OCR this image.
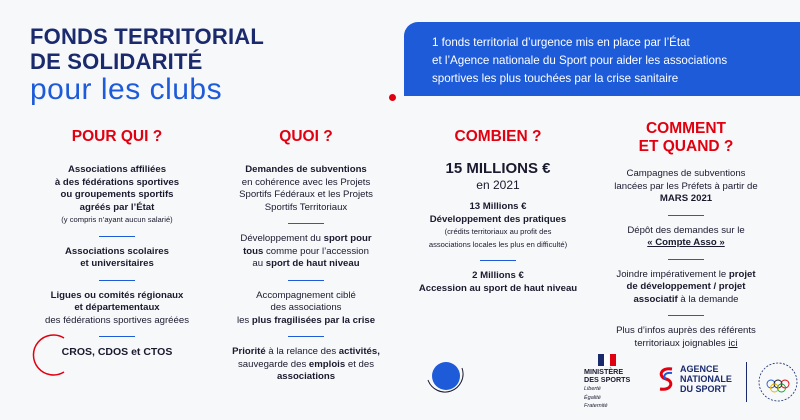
FONDS TERRITORIAL
DE SOLIDARITÉ
pour les clubs
1 fonds territorial d’urgence mis en place par l’État
et l’Agence nationale du Sport pour aider les associations
sportives les plus touchées par la crise sanitaire
POUR QUI ?
Associations affiliées
à des fédérations sportives
ou groupements sportifs
agréés par l’État
(y compris n’ayant aucun salarié)
Associations scolaires
et universitaires
Ligues ou comités régionaux
et départementaux
des fédérations sportives agréées
CROS, CDOS et CTOS
QUOI ?
Demandes de subventions
en cohérence avec les Projets
Sportifs Fédéraux et les Projets
Sportifs Territoriaux
Développement du sport pour
tous comme pour l’accession
au sport de haut niveau
Accompagnement ciblé
des associations
les plus fragilisées par la crise
Priorité à la relance des activités,
sauvegarde des emplois et des
associations
COMBIEN ?
15 MILLIONS €
en 2021
13 Millions €
Développement des pratiques
(crédits territoriaux au profit des
associations locales les plus en difficulté)
2 Millions €
Accession au sport de haut niveau
COMMENT
ET QUAND ?
Campagnes de subventions
lancées par les Préfets à partir de
MARS 2021
Dépôt des demandes sur le
« Compte Asso »
Joindre impérativement le projet
de développement / projet
associatif à la demande
Plus d’infos auprès des référents
territoriaux joignables ici
MINISTÈRE
DES SPORTS
Liberté
Égalité
Fraternité
AGENCE
NATIONALE
DU SPORT
